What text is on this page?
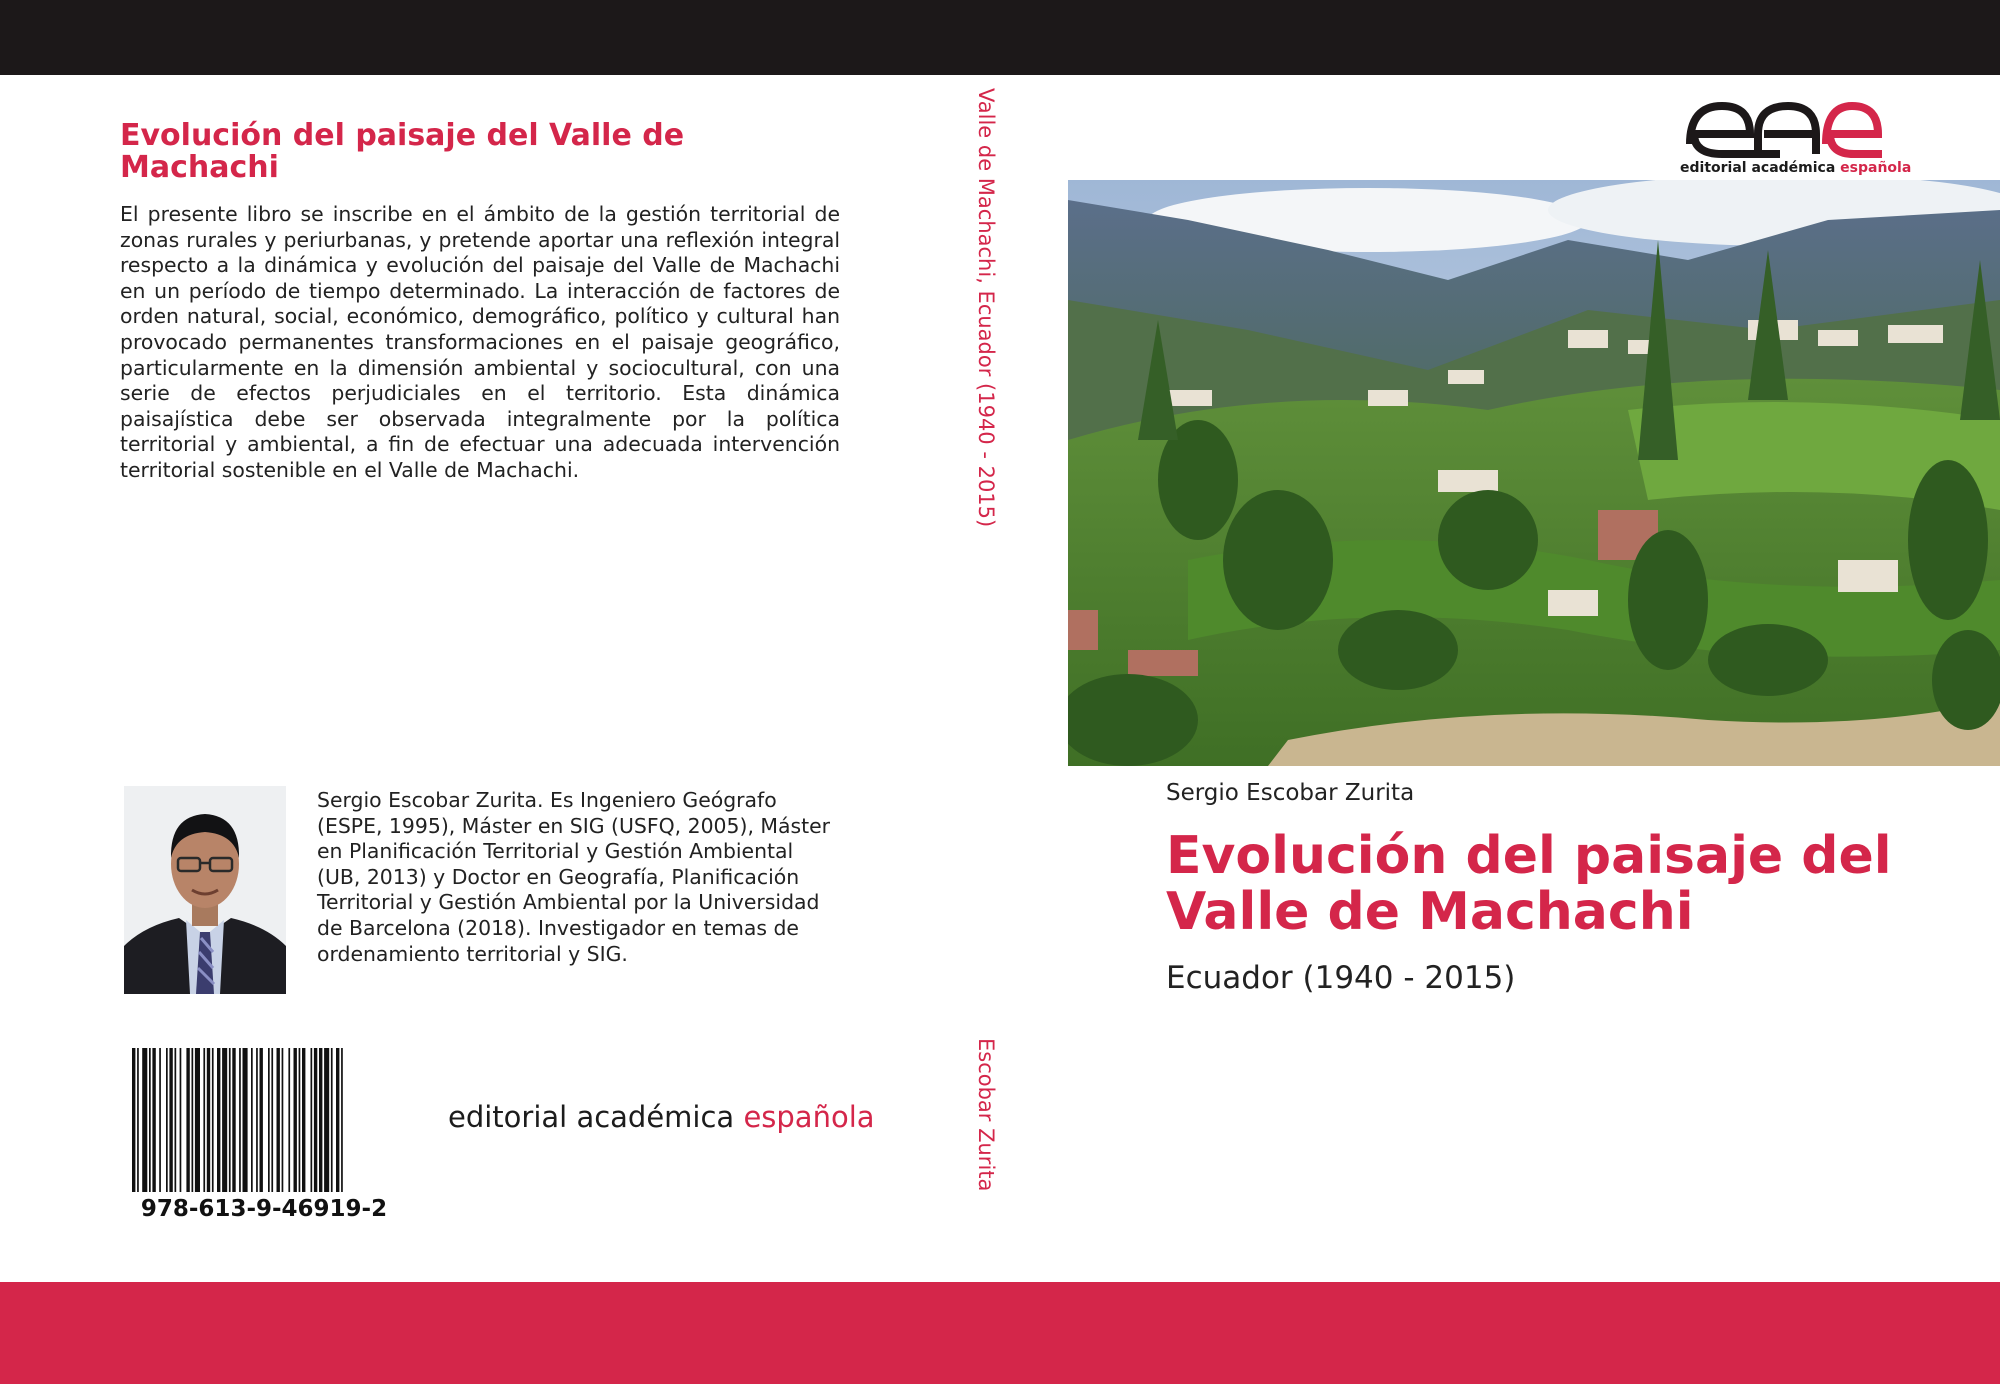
Evolución del paisaje del Valle de Machachi

El presente libro se inscribe en el ámbito de la gestión territorial de zonas rurales y periurbanas, y pretende aportar una reflexión integral respecto a la dinámica y evolución del paisaje del Valle de Machachi en un período de tiempo determinado. La interacción de factores de orden natural, social, económico, demográfico, político y cultural han provocado permanentes transformaciones en el paisaje geográfico, particularmente en la dimensión ambiental y sociocultural, con una serie de efectos perjudiciales en el territorio. Esta dinámica paisajística debe ser observada integralmente por la política territorial y ambiental, a fin de efectuar una adecuada intervención territorial sostenible en el Valle de Machachi.

Sergio Escobar Zurita. Es Ingeniero Geógrafo (ESPE, 1995), Máster en SIG (USFQ, 2005), Máster en Planificación Territorial y Gestión Ambiental (UB, 2013) y Doctor en Geografía, Planificación Territorial y Gestión Ambiental por la Universidad de Barcelona (2018). Investigador en temas de ordenamiento territorial y SIG.

978-613-9-46919-2
editorial académica española
Valle de Machachi, Ecuador (1940 - 2015)
Escobar Zurita
editorial académica española
Sergio Escobar Zurita
Evolución del paisaje del Valle de Machachi
Ecuador (1940 - 2015)
